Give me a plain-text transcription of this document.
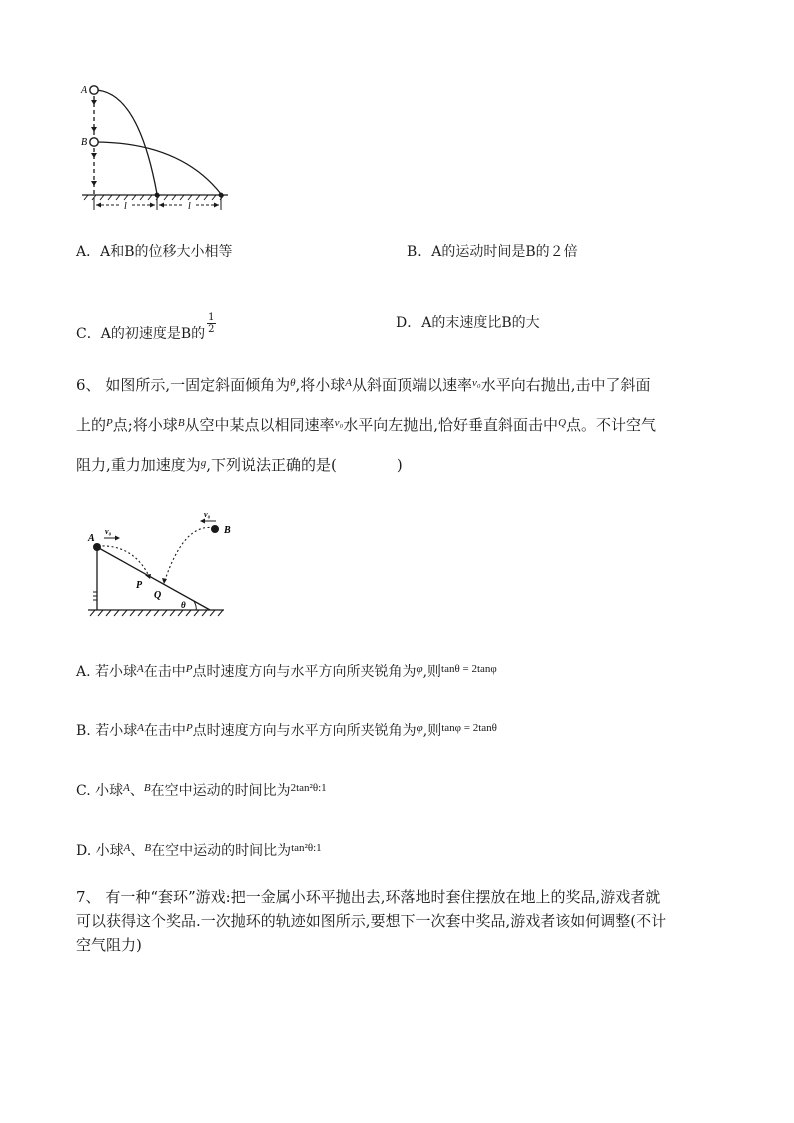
A
B
l	l
A．A和B的位移大小相等	B．A的运动时间是B的２倍
C．A的初速度是B的 $\frac{1}{2}$	D．A的末速度比B的大
6、 如图所示,一固定斜面倾角为$^\theta$,将小球$^A$从斜面顶端以速率$^{v_0}$水平向右抛出,击中了斜面
上的$^P$点;将小球$^B$从空中某点以相同速率$^{v_0}$水平向左抛出,恰好垂直斜面击中$^Q$点。不计空气
阻力,重力加速度为$^g$,下列说法正确的是(　　　　)
A
B
P
Q
θ
v₀
v₀
A. 若小球$^A$在击中$^P$点时速度方向与水平方向所夹锐角为$^\varphi$,则$^{tan\theta = 2tan\varphi}$
B. 若小球$^A$在击中$^P$点时速度方向与水平方向所夹锐角为$^\varphi$,则$^{tan\varphi = 2tan\theta}$
C. 小球$^A$、$^B$在空中运动的时间比为$^{2tan^2\theta:1}$
D. 小球$^A$、$^B$在空中运动的时间比为$^{tan^2\theta:1}$
7、 有一种“套环”游戏:把一金属小环平抛出去,环落地时套住摆放在地上的奖品,游戏者就
可以获得这个奖品.一次抛环的轨迹如图所示,要想下一次套中奖品,游戏者该如何调整(不计
空气阻力)
